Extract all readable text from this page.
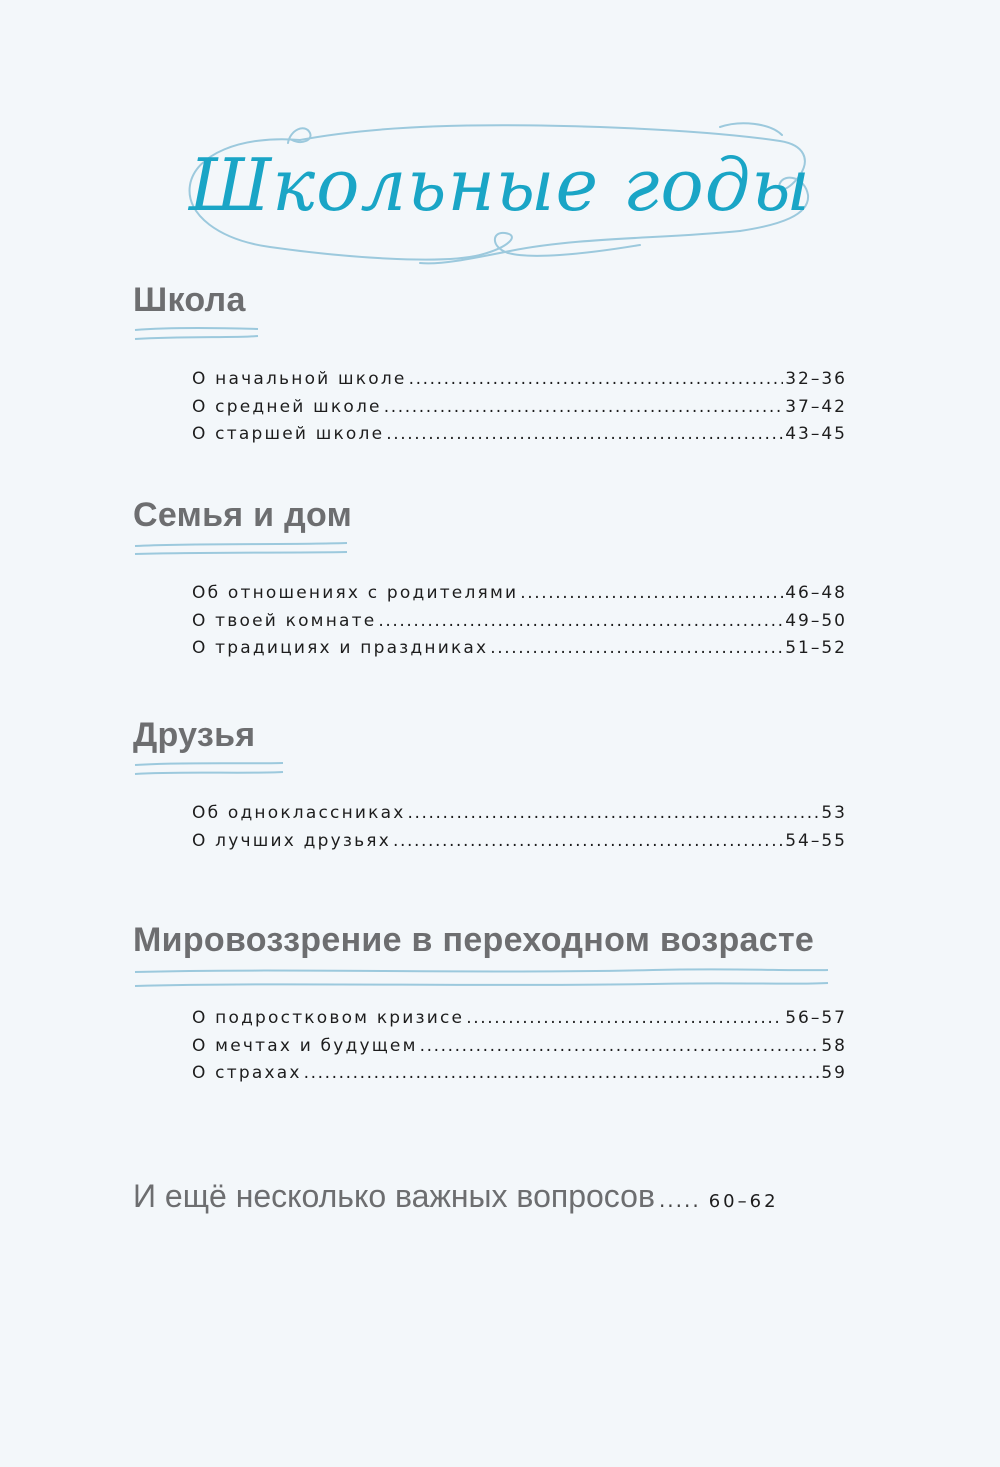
Школьные годы
Школа
О начальной школе .....	32–36
О средней школе .....	37–42
О старшей школе .....	43–45
Семья и дом
Об отношениях с родителями .....	46–48
О твоей комнате .....	49–50
О традициях и праздниках .....	51–52
Друзья
Об одноклассниках .....	53
О лучших друзьях .....	54–55
Мировоззрение в переходном возрасте
О подростковом кризисе .....	56–57
О мечтах и будущем .....	58
О страхах .....	59
И ещё несколько важных вопросов ..... 60–62
